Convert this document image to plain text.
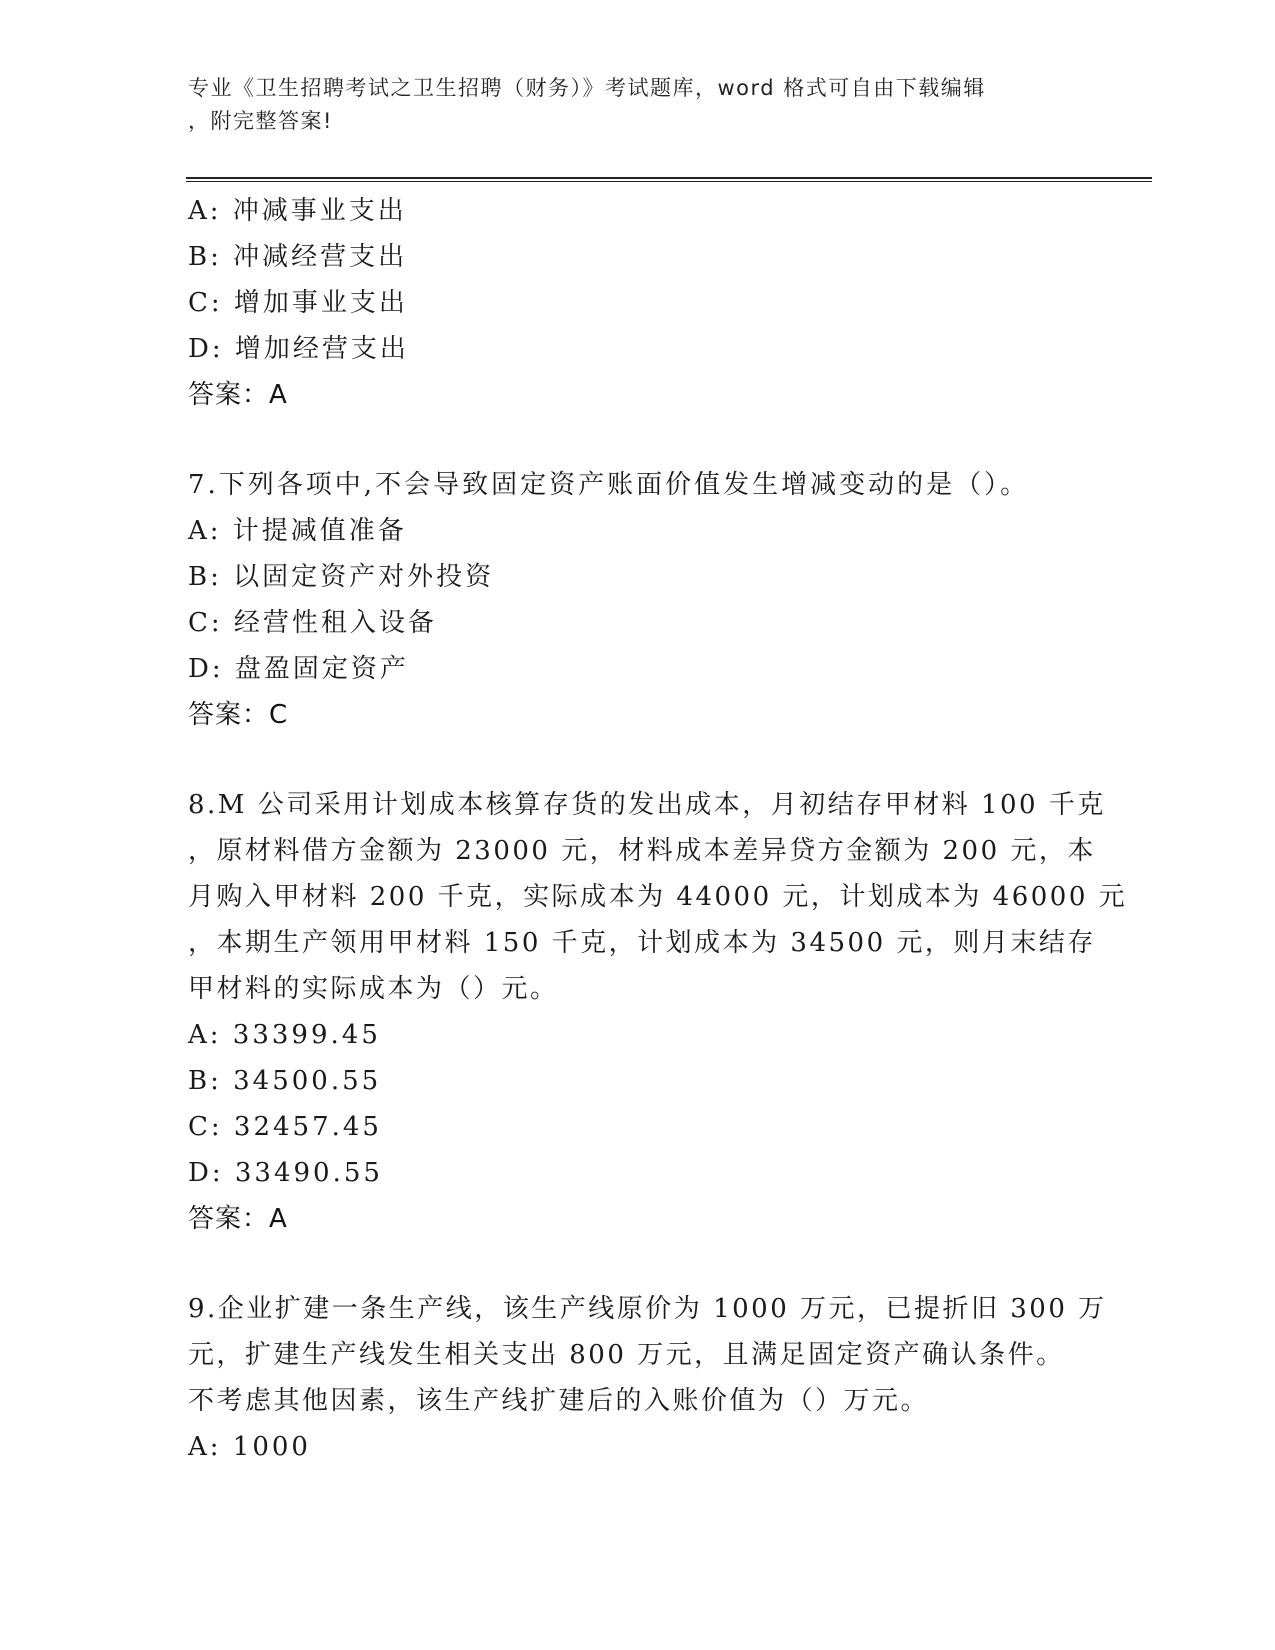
专业《卫生招聘考试之卫生招聘（财务）》考试题库，word 格式可自由下载编辑
，附完整答案!
A: 冲减事业支出
B: 冲减经营支出
C: 增加事业支出
D: 增加经营支出
答案：A
7.下列各项中,不会导致固定资产账面价值发生增减变动的是（）。
A: 计提减值准备
B: 以固定资产对外投资
C: 经营性租入设备
D: 盘盈固定资产
答案：C
8.M 公司采用计划成本核算存货的发出成本，月初结存甲材料 100 千克
，原材料借方金额为 23000 元，材料成本差异贷方金额为 200 元，本
月购入甲材料 200 千克，实际成本为 44000 元，计划成本为 46000 元
，本期生产领用甲材料 150 千克，计划成本为 34500 元，则月末结存
甲材料的实际成本为（）元。
A: 33399.45
B: 34500.55
C: 32457.45
D: 33490.55
答案：A
9.企业扩建一条生产线，该生产线原价为 1000 万元，已提折旧 300 万
元，扩建生产线发生相关支出 800 万元，且满足固定资产确认条件。
不考虑其他因素，该生产线扩建后的入账价值为（）万元。
A: 1000
